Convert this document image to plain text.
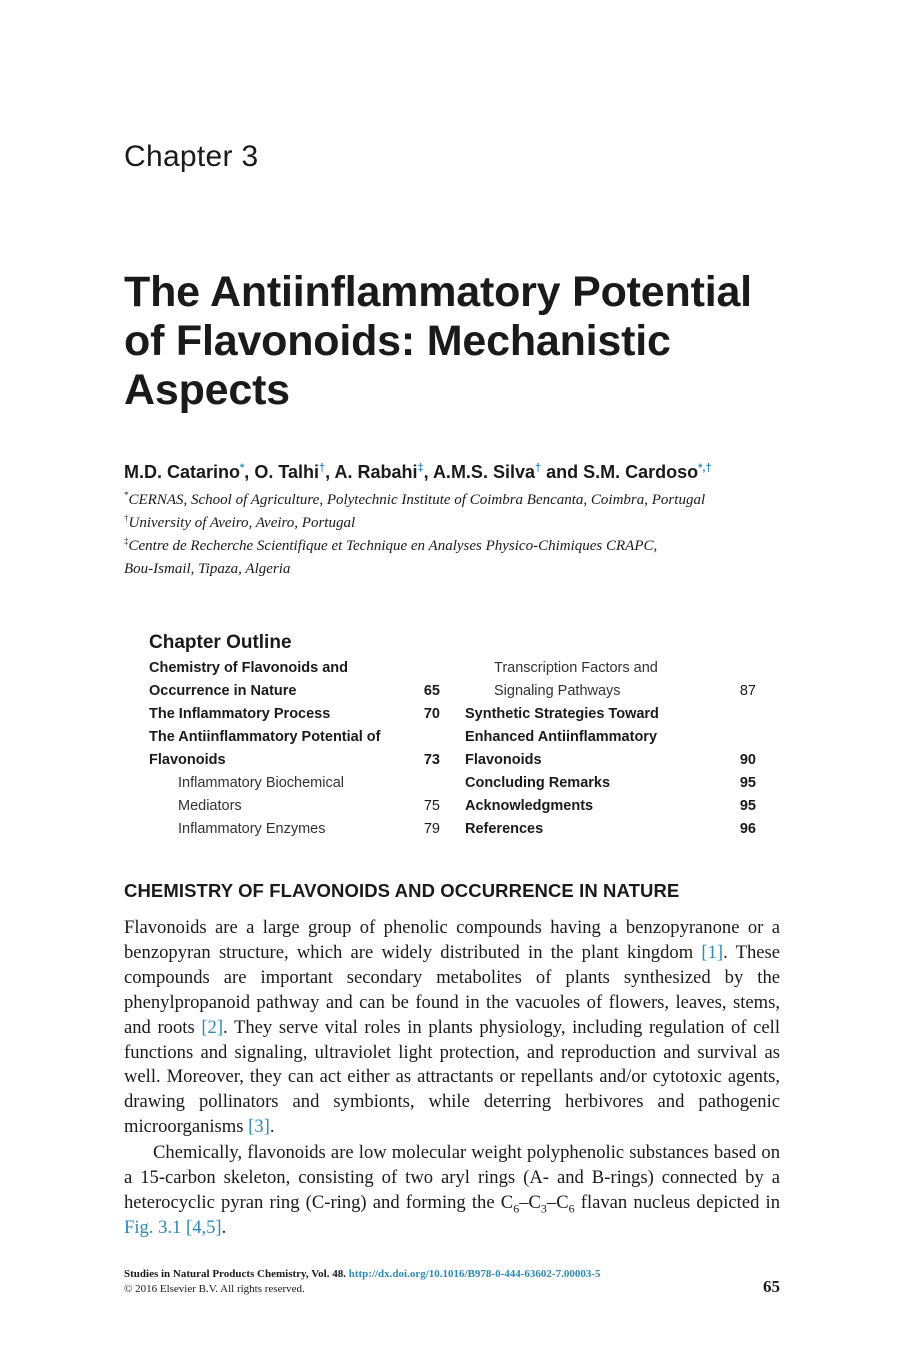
Chapter 3
The Antiinflammatory Potential
of Flavonoids: Mechanistic
Aspects
M.D. Catarino*, O. Talhi†, A. Rabahi‡, A.M.S. Silva† and S.M. Cardoso*,†
*CERNAS, School of Agriculture, Polytechnic Institute of Coimbra Bencanta, Coimbra, Portugal
†University of Aveiro, Aveiro, Portugal
‡Centre de Recherche Scientifique et Technique en Analyses Physico-Chimiques CRAPC,
Bou-Ismail, Tipaza, Algeria
Chapter Outline
Chemistry of Flavonoids and
Occurrence in Nature	65
The Inflammatory Process	70
The Antiinflammatory Potential of
Flavonoids	73
Inflammatory Biochemical
Mediators	75
Inflammatory Enzymes	79
Transcription Factors and
Signaling Pathways	87
Synthetic Strategies Toward
Enhanced Antiinflammatory
Flavonoids	90
Concluding Remarks	95
Acknowledgments	95
References	96
CHEMISTRY OF FLAVONOIDS AND OCCURRENCE IN NATURE

Flavonoids are a large group of phenolic compounds having a benzopyranone or a benzopyran structure, which are widely distributed in the plant kingdom [1]. These compounds are important secondary metabolites of plants synthesized by the phenylpropanoid pathway and can be found in the vacuoles of flowers, leaves, stems, and roots [2]. They serve vital roles in plants physiology, including regulation of cell functions and signaling, ultraviolet light protection, and reproduction and survival as well. Moreover, they can act either as attractants or repellants and/or cytotoxic agents, drawing pollinators and symbionts, while deterring herbivores and pathogenic microorganisms [3].

Chemically, flavonoids are low molecular weight polyphenolic substances based on a 15-carbon skeleton, consisting of two aryl rings (A- and B-rings) connected by a heterocyclic pyran ring (C-ring) and forming the $C_6-C_3-C_6$ flavan nucleus depicted in Fig. 3.1 [4,5].

Studies in Natural Products Chemistry, Vol. 48. http://dx.doi.org/10.1016/B978-0-444-63602-7.00003-5
© 2016 Elsevier B.V. All rights reserved.	65
